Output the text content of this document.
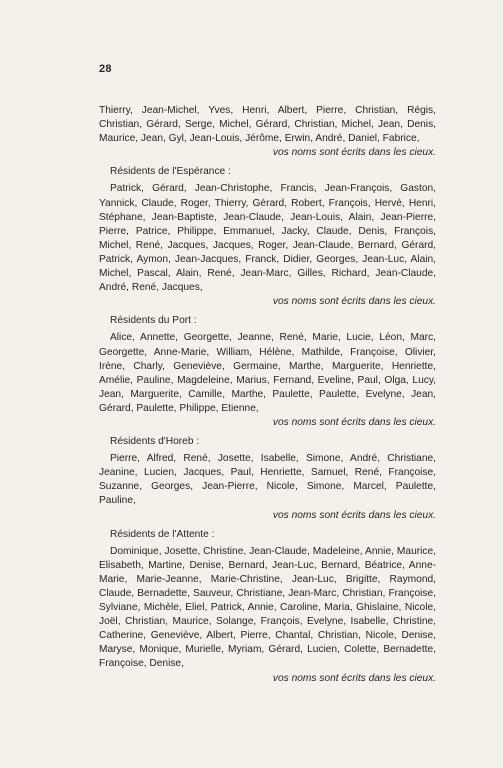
28

Thierry, Jean-Michel, Yves, Henri, Albert, Pierre, Christian, Régis, Christian, Gérard, Serge, Michel, Gérard, Christian, Michel, Jean, Denis, Maurice, Jean, Gyl, Jean-Louis, Jérôme, Erwin, André, Daniel, Fabrice,

vos noms sont écrits dans les cieux.

Résidents de l'Espérance :

Patrick, Gérard, Jean-Christophe, Francis, Jean-François, Gaston, Yannick, Claude, Roger, Thierry, Gérard, Robert, François, Hervé, Henri, Stéphane, Jean-Baptiste, Jean-Claude, Jean-Louis, Alain, Jean-Pierre, Pierre, Patrice, Philippe, Emmanuel, Jacky, Claude, Denis, François, Michel, René, Jacques, Jacques, Roger, Jean-Claude, Bernard, Gérard, Patrick, Aymon, Jean-Jacques, Franck, Didier, Georges, Jean-Luc, Alain, Michel, Pascal, Alain, René, Jean-Marc, Gilles, Richard, Jean-Claude, André, René, Jacques,

vos noms sont écrits dans les cieux.

Résidents du Port :

Alice, Annette, Georgette, Jeanne, René, Marie, Lucie, Léon, Marc, Georgette, Anne-Marie, William, Hélène, Mathilde, Françoise, Olivier, Irène, Charly, Geneviève, Germaine, Marthe, Marguerite, Henriette, Amélie, Pauline, Magdeleine, Marius, Fernand, Eveline, Paul, Olga, Lucy, Jean, Marguerite, Camille, Marthe, Paulette, Paulette, Evelyne, Jean, Gérard, Paulette, Philippe, Etienne,

vos noms sont écrits dans les cieux.

Résidents d'Horeb :

Pierre, Alfred, René, Josette, Isabelle, Simone, André, Christiane, Jeanine, Lucien, Jacques, Paul, Henriette, Samuel, René, Françoise, Suzanne, Georges, Jean-Pierre, Nicole, Simone, Marcel, Paulette, Pauline,

vos noms sont écrits dans les cieux.

Résidents de l'Attente :

Dominique, Josette, Christine, Jean-Claude, Madeleine, Annie, Maurice, Elisabeth, Martine, Denise, Bernard, Jean-Luc, Bernard, Béatrice, Anne-Marie, Marie-Jeanne, Marie-Christine, Jean-Luc, Brigitte, Raymond, Claude, Bernadette, Sauveur, Christiane, Jean-Marc, Christian, Françoise, Sylviane, Michèle, Eliel, Patrick, Annie, Caroline, Maria, Ghislaine, Nicole, Joël, Christian, Maurice, Solange, François, Evelyne, Isabelle, Christine, Catherine, Geneviève, Albert, Pierre, Chantal, Christian, Nicole, Denise, Maryse, Monique, Murielle, Myriam, Gérard, Lucien, Colette, Bernadette, Françoise, Denise,

vos noms sont écrits dans les cieux.
